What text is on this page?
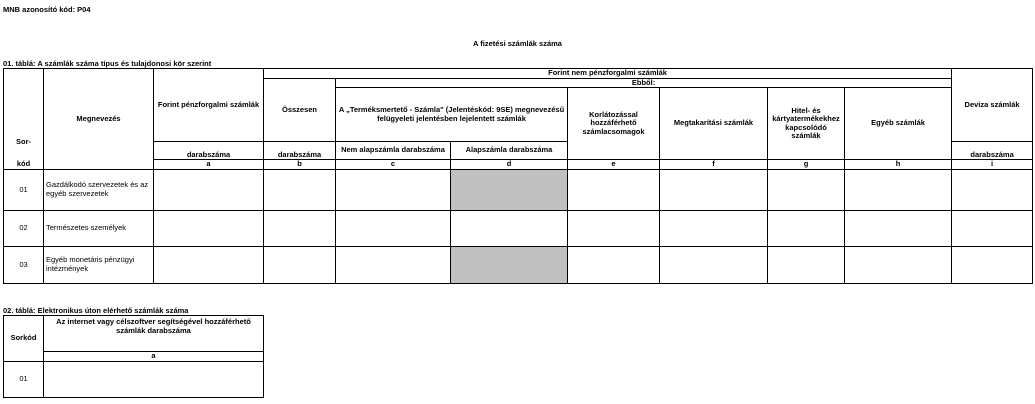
MNB azonosító kód: P04
A fizetési számlák száma
01. táblá: A számlák száma típus és tulajdonosi kör szerint
Sor-
kód	Megnevezés	Forint pénzforgalmi számlák	Forint nem pénzforgalmi számlák							Deviza számlák
			Összesen	Ebből:						
				A „Terméksmertető - Számla" (Jelentéskód: 9SE) megnevezésű felügyeleti jelentésben lejelentett számlák		Korlátozással hozzáférhető számlacsomagok	Megtakarítási számlák	Hitel- és kártyatermékekhez kapcsolódó számlák	Egyéb számlák	
		darabszáma	darabszáma	Nem alapszámla darabszáma	Alapszámla darabszáma					darabszáma
		a	b	c	d	e	f	g	h	i
01	Gazdálkodó szervezetek és az egyéb szervezetek									
02	Természetes személyek									
03	Egyéb monetáris pénzügyi intézmények									
02. táblá: Elektronikus úton elérhető számlák száma
Sorkód	Az internet vagy célszoftver segítségével hozzáférhető számlák darabszáma
	a
01	
